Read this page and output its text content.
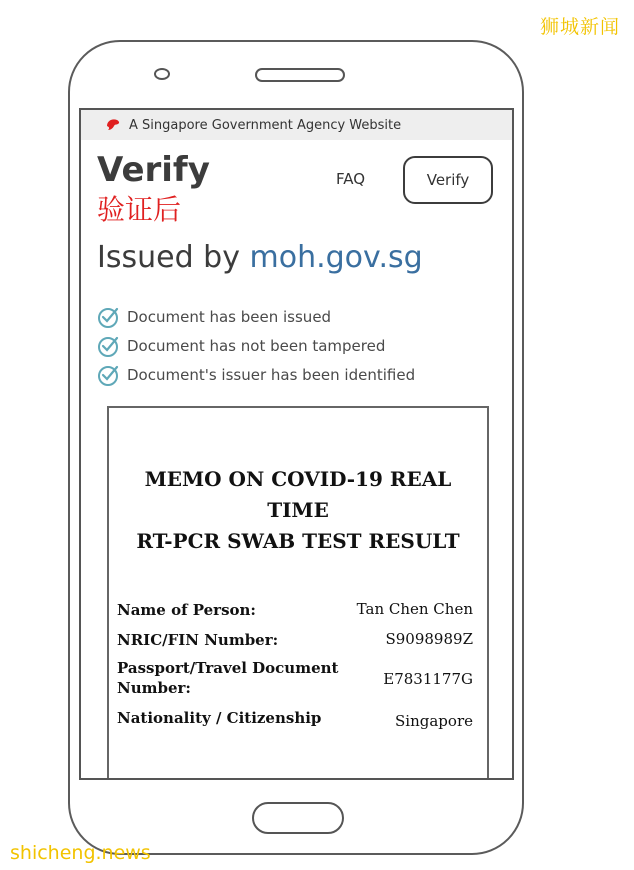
狮城新闻
A Singapore Government Agency Website
Verify
验证后
FAQ	Verify
Issued by moh.gov.sg
Document has been issued
Document has not been tampered
Document's issuer has been identified
MEMO ON COVID-19 REAL
TIME
RT-PCR SWAB TEST RESULT
Name of Person:	Tan Chen Chen
NRIC/FIN Number:	S9098989Z
Passport/Travel Document
Number:	E7831177G
Nationality / Citizenship	Singapore
shicheng.news
